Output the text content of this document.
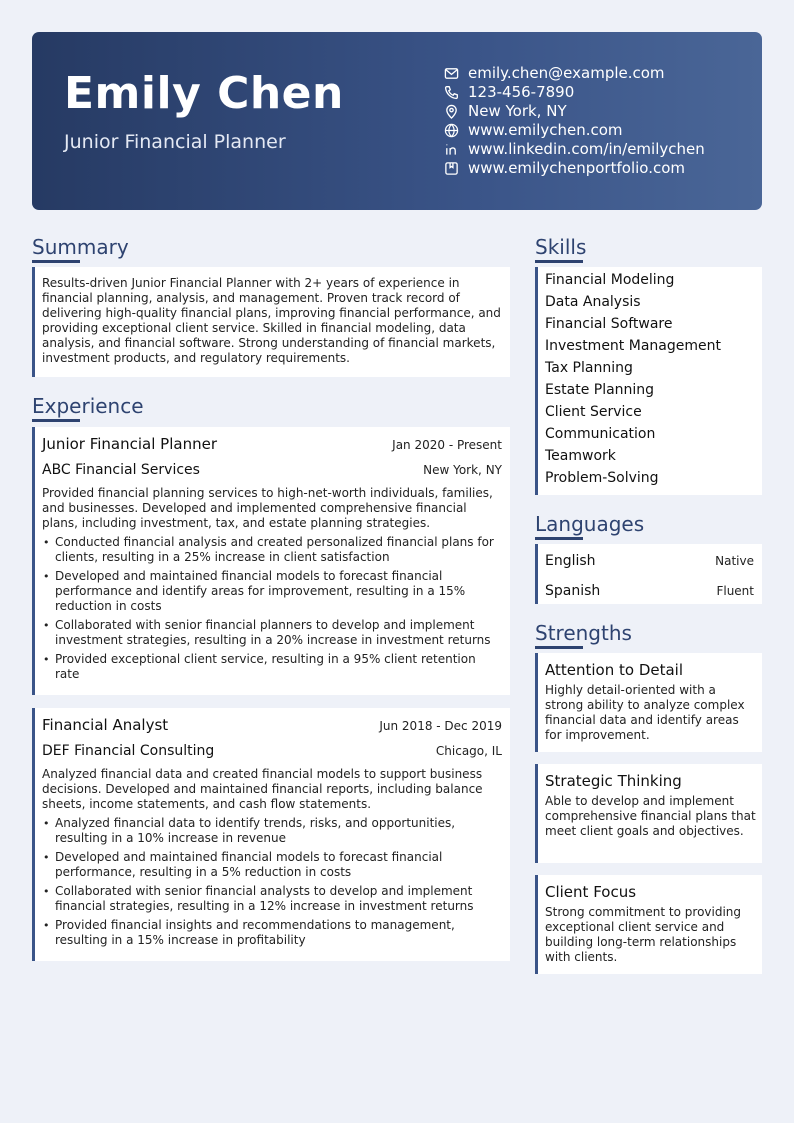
Emily Chen
Junior Financial Planner
emily.chen@example.com
123-456-7890
New York, NY
www.emilychen.com
www.linkedin.com/in/emilychen
www.emilychenportfolio.com
Summary
Results-driven Junior Financial Planner with 2+ years of experience in financial planning, analysis, and management. Proven track record of delivering high-quality financial plans, improving financial performance, and providing exceptional client service. Skilled in financial modeling, data analysis, and financial software. Strong understanding of financial markets, investment products, and regulatory requirements.
Experience
Junior Financial Planner	Jan 2020 - Present
ABC Financial Services	New York, NY
Provided financial planning services to high-net-worth individuals, families, and businesses. Developed and implemented comprehensive financial plans, including investment, tax, and estate planning strategies.
• Conducted financial analysis and created personalized financial plans for clients, resulting in a 25% increase in client satisfaction
• Developed and maintained financial models to forecast financial performance and identify areas for improvement, resulting in a 15% reduction in costs
• Collaborated with senior financial planners to develop and implement investment strategies, resulting in a 20% increase in investment returns
• Provided exceptional client service, resulting in a 95% client retention rate
Financial Analyst	Jun 2018 - Dec 2019
DEF Financial Consulting	Chicago, IL
Analyzed financial data and created financial models to support business decisions. Developed and maintained financial reports, including balance sheets, income statements, and cash flow statements.
• Analyzed financial data to identify trends, risks, and opportunities, resulting in a 10% increase in revenue
• Developed and maintained financial models to forecast financial performance, resulting in a 5% reduction in costs
• Collaborated with senior financial analysts to develop and implement financial strategies, resulting in a 12% increase in investment returns
• Provided financial insights and recommendations to management, resulting in a 15% increase in profitability
Skills
Financial Modeling
Data Analysis
Financial Software
Investment Management
Tax Planning
Estate Planning
Client Service
Communication
Teamwork
Problem-Solving
Languages
English	Native
Spanish	Fluent
Strengths
Attention to Detail
Highly detail-oriented with a strong ability to analyze complex financial data and identify areas for improvement.
Strategic Thinking
Able to develop and implement comprehensive financial plans that meet client goals and objectives.
Client Focus
Strong commitment to providing exceptional client service and building long-term relationships with clients.
